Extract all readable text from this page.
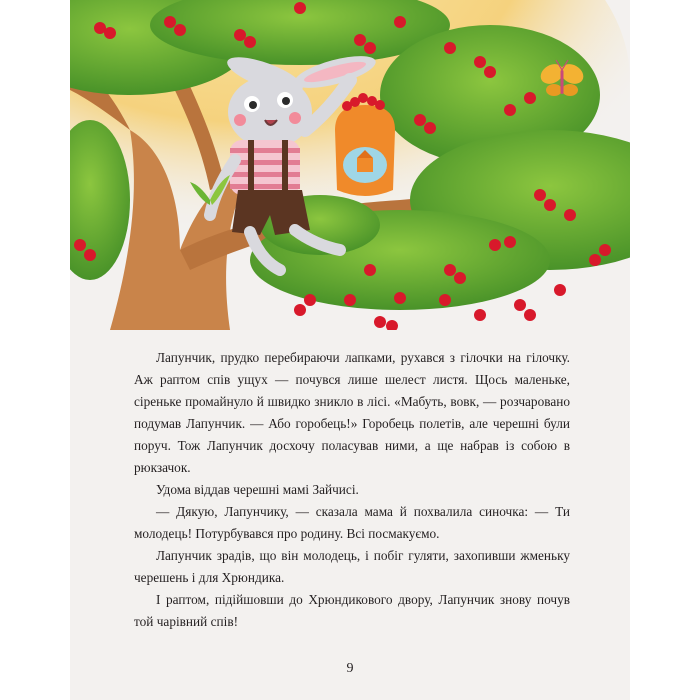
Лапунчик, прудко перебираючи лапками, рухався з гілочки на гілочку. Аж раптом спів ущух — почувся лише шелест листя. Щось маленьке, сіреньке промайнуло й швидко зникло в лісі. «Мабуть, вовк, — розчаровано подумав Лапунчик. — Або горобець!» Горобець полетів, але черешні були поруч. Тож Лапунчик досхочу поласував ними, а ще набрав із собою в рюкзачок.

Удома віддав черешні мамі Зайчисі.

— Дякую, Лапунчику, — сказала мама й похвалила синочка: — Ти молодець! Потурбувався про родину. Всі посмакуємо.

Лапунчик зрадів, що він молодець, і побіг гуляти, захопивши жменьку черешень і для Хрюндика.

І раптом, підійшовши до Хрюндикового двору, Лапунчик знову почув той чарівний спів!

9
